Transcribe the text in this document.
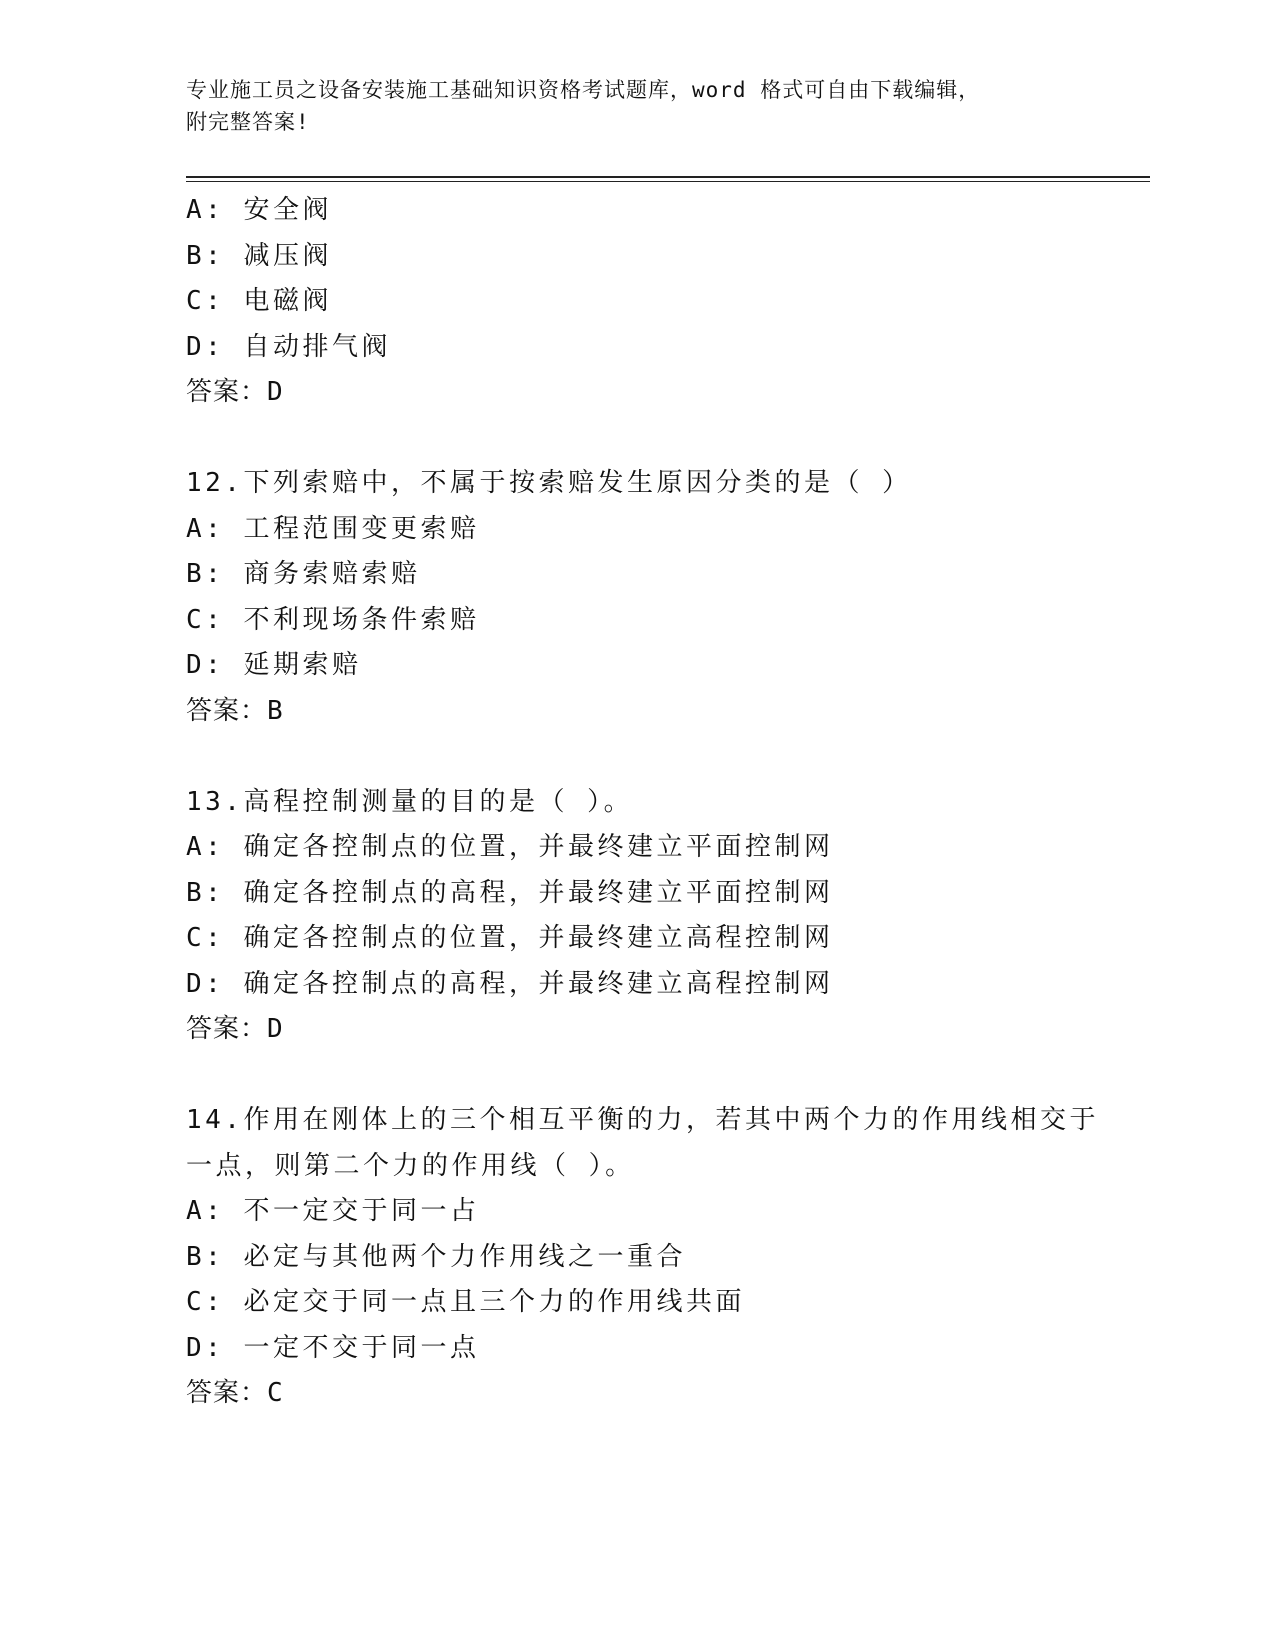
专业施工员之设备安装施工基础知识资格考试题库，word 格式可自由下载编辑，
附完整答案!
A: 安全阀
B: 减压阀
C: 电磁阀
D: 自动排气阀
答案：D
12.下列索赔中，不属于按索赔发生原因分类的是（ ）
A: 工程范围变更索赔
B: 商务索赔索赔
C: 不利现场条件索赔
D: 延期索赔
答案：B
13.高程控制测量的目的是（ ）。
A: 确定各控制点的位置，并最终建立平面控制网
B: 确定各控制点的高程，并最终建立平面控制网
C: 确定各控制点的位置，并最终建立高程控制网
D: 确定各控制点的高程，并最终建立高程控制网
答案：D
14.作用在刚体上的三个相互平衡的力，若其中两个力的作用线相交于
一点，则第二个力的作用线（ ）。
A: 不一定交于同一占
B: 必定与其他两个力作用线之一重合
C: 必定交于同一点且三个力的作用线共面
D: 一定不交于同一点
答案：C
